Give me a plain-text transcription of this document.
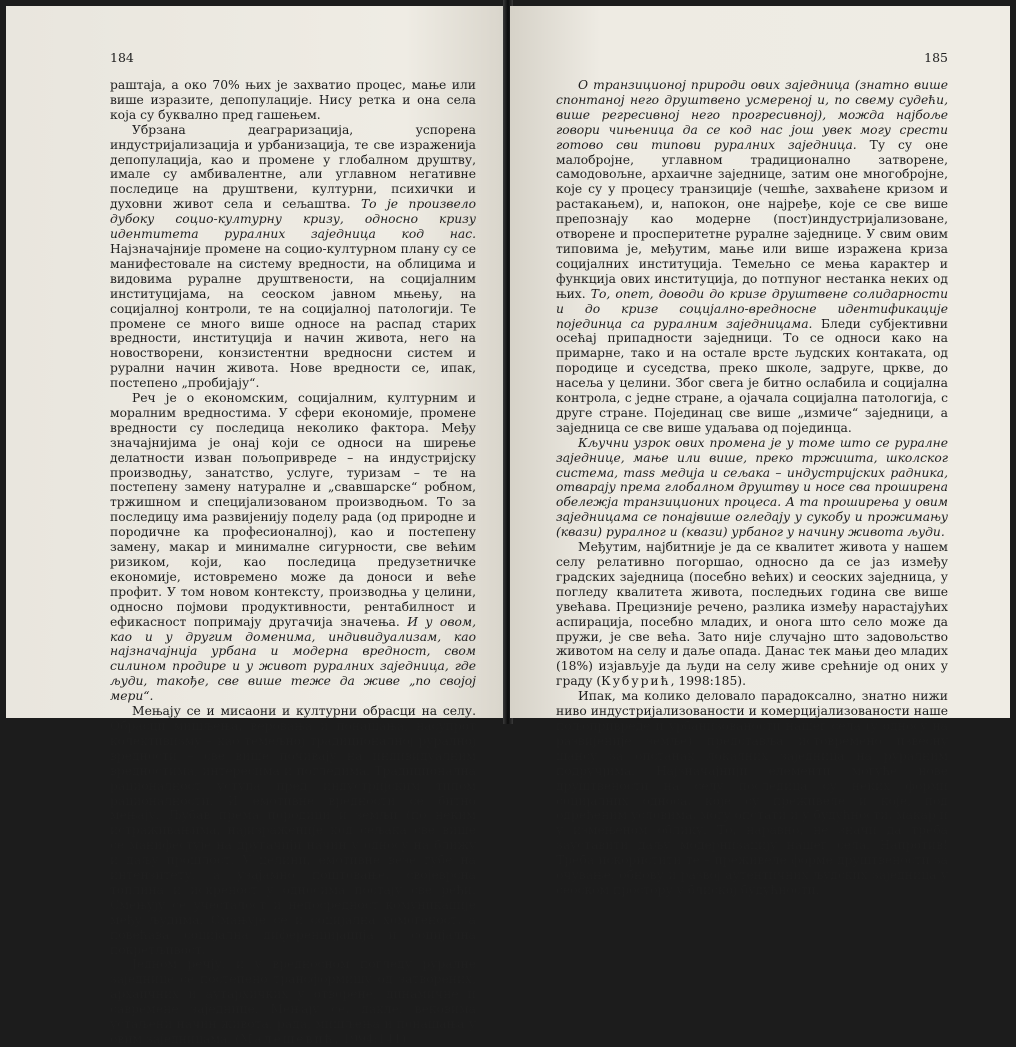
184

раштаја, а око 70% њих је захватио процес, мање или више изразите, депопулације. Нису ретка и она села која су буквално пред гашењем.

Убрзана деаграризација, успорена индустријализација и урбанизација, те све израженија депопулација, као и промене у глобалном друштву, имале су амбивалентне, али углавном негативне последице на друштвени, културни, психички и духовни живот села и сељаштва. То је произвело дубоку социо-културну кризу, односно кризу идентитета руралних заједница код нас. Најзначајније промене на социо-културном плану су се манифестовале на систему вредности, на облицима и видовима руралне друштвености, на социјалним институцијама, на сеоском јавном мњењу, на социјалној контроли, те на социјалној патологији. Те промене се много више односе на распад старих вредности, институција и начин живота, него на новостворени, конзистентни вредносни систем и рурални начин живота. Нове вредности се, ипак, постепено „пробијају“.

Реч је о економским, социјалним, културним и моралним вредностима. У сфери економије, промене вредности су последица неколико фактора. Међу значајнијима је онај који се односи на ширење делатности изван пољопривреде – на индустријску производњу, занатство, услуге, туризам – те на постепену замену натуралне и „свавшарске“ робном, тржишном и специјализованом производњом. То за последицу има развијенију поделу рада (од природне и породичне ка професионалној), као и постепену замену, макар и минималне сигурности, све већим ризиком, који, као последица предузетничке економије, истовремено може да доноси и веће профит. У том новом контексту, производња у целини, односно појмови продуктивности, рентабилност и ефикасност попримају другачија значења. И у овом, као и у другим доменима, индивидуализам, као најзначајнија урбана и модерна вредност, свом силином продире и у живот руралних заједница, где људи, такође, све више теже да живе „по својој мери“.

Мењају се и мисаони и културни обрасци на селу. Обрасци мишљења, веровања и понашања, насупрот колективизму – као темељној традиционалној руралној вредности – све више почивају на индивидуалним вредностима, интересима и погледима. Традиционална рационалност уступа пред индустријским типом рационалности. И емотивне вредности се битно мењају. Љубав према породици и земљи (по неким истраживањима, најизраженије код сељака све више се манифестује на другачији начин у односу на ближу и даљу прошлост. У целини, емотивне везе губе на интензитету, а узајамно поштовање, својеврсна топлина и искреност у односима постају све ређи. Смењују се учесталост и непосредност комуникације међу људима. Смањује се и социјална хомогеност, а повећава социјална диференцијација и социјална покретљивост.

Једном речју, и у вредносном погледу руралне заједнице се постепено трансформишу од затворених, архаичних и аутархичких у отворене, динамичне и савремене заједнице. Мењају се, дакле, вековима устаљени начин живота, рада, мишљења и понашања у овим заједницама. (Малешевић, 1994:141)

185

О транзиционој природи ових заједница (знатно више спонтаној него друштвено усмереној и, по свему судећи, више регресивној него прогресивној), можда најбоље говори чињеница да се код нас још увек могу срести готово сви типови руралних заједница. Ту су оне малобројне, углавном традиционално затворене, самодовољне, архаичне заједнице, затим оне многобројне, које су у процесу транзиције (чешће, захваћене кризом и растакањем), и, напокон, оне најређе, које се све више препознају као модерне (пост)индустријализоване, отворене и просперитетне руралне заједнице. У свим овим типовима је, међутим, мање или више изражена криза социјалних институција. Темељно се мења карактер и функција ових институција, до потпуног нестанка неких од њих. То, опет, доводи до кризе друштвене солидарности и до кризе социјално-вредносне идентификације појединца са руралним заједницама. Бледи субјективни осећај припадности заједници. То се односи како на примарне, тако и на остале врсте људских контаката, од породице и суседства, преко школе, задруге, цркве, до насеља у целини. Због свега је битно ослабила и социјална контрола, с једне стране, а ојачала социјална патологија, с друге стране. Појединац све више „измиче“ заједници, а заједница се све више удаљава од појединца.

Кључни узрок ових промена је у томе што се руралне заједнице, мање или више, преко тржишта, школског система, mass медија и сељака – индустријских радника, отварају према глобалном друштву и носе сва проширена обележја транзиционих процеса. А та проширења у овим заједницама се понајвише огледају у сукобу и прожимању (квази) руралног и (квази) урбаног у начину живота људи.

Међутим, најбитније је да се квалитет живота у нашем селу релативно погоршао, односно да се јаз између градских заједница (посебно већих) и сеоских заједница, у погледу квалитета живота, последњих година све више увећава. Прецизније речено, разлика између нарастајућих аспирација, посебно младих, и онога што село може да пружи, је све већа. Зато није случајно што задовољство животом на селу и даље опада. Данас тек мањи део младих (18%) изјављује да људи на селу живе срећније од оних у граду (Кубурић, 1998:185).

Ипак, ма колико деловало парадоксално, знатно нижи ниво индустријализованости и комерцијализованости наше пољопривреде и урбанизованости нашег села (у односу на развијеније земље) представља истовремено извесну шансу за опстанак локалних заједница на руралним подручјима. Најзначајнији елементи могуће нове друштвености на селу последица су неких форми социјалних односа, које су преживеле и које, под одређеним условима, могу опстати и у будућности, макар и у измењеном облику. То, наравно, не значи да треба зауставити даљу модернизацију нашег села. Напротив! Треба искористити те – преживеле форме друштвености за очување, обнову и развој аутентичних људских заједница у сеоском простору у блиској будућности.
